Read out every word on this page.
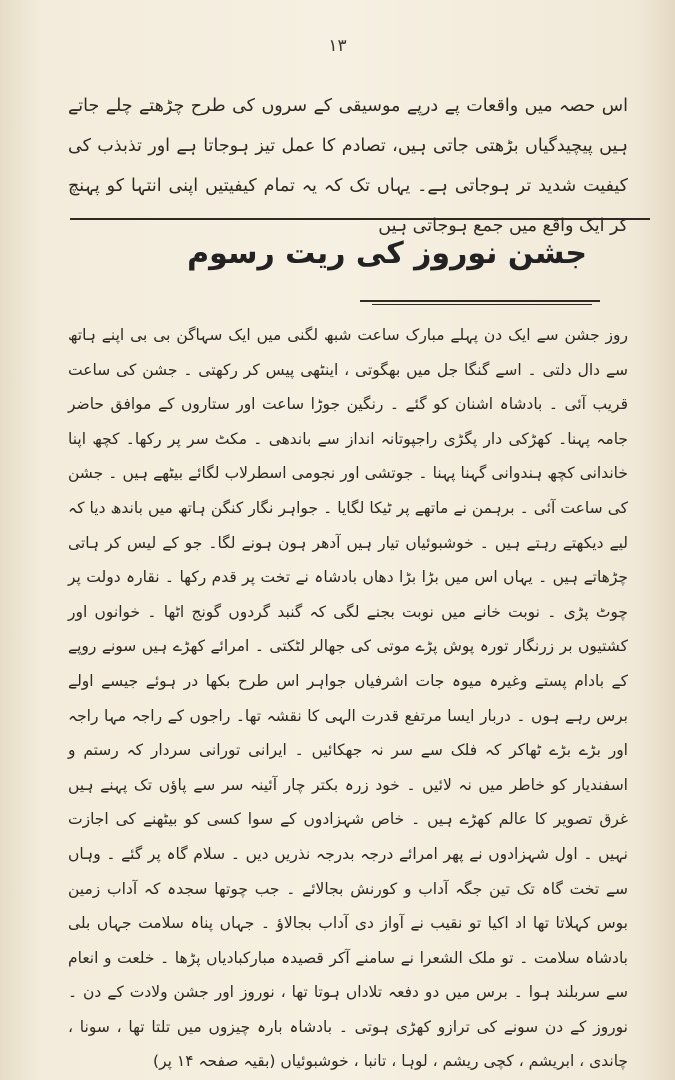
۱۳

اس حصہ میں واقعات پے درپے موسیقی کے سروں کی طرح چڑھتے چلے جاتے ہیں پیچیدگیاں بڑھتی جاتی ہیں، تصادم کا عمل تیز ہوجاتا ہے اور تذبذب کی کیفیت شدید تر ہوجاتی ہے۔ یہاں تک کہ یہ تمام کیفیتیں اپنی انتہا کو پہنچ کر ایک واقع میں جمع ہوجاتی ہیں

جشن نوروز کی ریت رسوم

روز جشن سے ایک دن پہلے مبارک ساعت شبھ لگنی میں ایک سہاگن بی بی اپنے ہاتھ سے دال دلتی ۔ اسے گنگا جل میں بھگوتی ، اینٹھی پیس کر رکھتی ۔ جشن کی ساعت قریب آئی ۔ بادشاہ اشنان کو گئے ۔ رنگین جوڑا ساعت اور ستاروں کے موافق حاضر جامہ پہنا۔ کھڑکی دار پگڑی راجپوتانہ انداز سے باندھی ۔ مکٹ سر پر رکھا۔ کچھ اپنا خاندانی کچھ ہندوانی گہنا پہنا ۔ جوتشی اور نجومی اسطرلاب لگائے بیٹھے ہیں ۔ جشن کی ساعت آئی ۔ برہمن نے ماتھے پر ٹیکا لگایا ۔ جواہر نگار کنگن ہاتھ میں باندھ دیا کہ لیے دیکھتے رہتے ہیں ۔ خوشبوئیاں تیار ہیں آدھر ہون ہونے لگا۔ جو کے لیس کر ہاتی چڑھاتے ہیں ۔ یہاں اس میں بڑا بڑا دھاں بادشاہ نے تخت پر قدم رکھا ۔ نقارہ دولت پر چوٹ پڑی ۔ نوبت خانے میں نوبت بجنے لگی کہ گنبد گردوں گونج اٹھا ۔ خوانوں اور کشتیوں بر زرنگار تورہ پوش پڑے موتی کی جھالر لٹکتی ۔ امرائے کھڑے ہیں سونے روپے کے بادام پستے وغیرہ میوہ جات اشرفیاں جواہر اس طرح بکھا در ہوئے جیسے اولے برس رہے ہوں ۔ دربار ایسا مرتفع قدرت الہی کا نقشہ تھا۔ راجوں کے راجہ مہا راجہ اور بڑے بڑے ٹھاکر کہ فلک سے سر نہ جھکائیں ۔ ایرانی تورانی سردار کہ رستم و اسفندیار کو خاطر میں نہ لائیں ۔ خود زرہ بکتر چار آئینہ سر سے پاؤں تک پہنے ہیں غرق تصویر کا عالم کھڑے ہیں ۔ خاص شہزادوں کے سوا کسی کو بیٹھنے کی اجازت نہیں ۔ اول شہزادوں نے پھر امرائے درجہ بدرجہ نذریں دیں ۔ سلام گاہ پر گئے ۔ وہاں سے تخت گاہ تک تین جگہ آداب و کورنش بجالائے ۔ جب چوتھا سجدہ کہ آداب زمین بوس کہلاتا تھا اد اکیا تو نقیب نے آواز دی آداب بجالاؤ ۔ جہاں پناہ سلامت جہاں بلی بادشاہ سلامت ۔ تو ملک الشعرا نے سامنے آکر قصیدہ مبارکبادیاں پڑھا ۔ خلعت و انعام سے سربلند ہوا ۔ برس میں دو دفعہ تلاداں ہوتا تھا ، نوروز اور جشن ولادت کے دن ۔ نوروز کے دن سونے کی ترازو کھڑی ہوتی ۔ بادشاہ بارہ چیزوں میں تلتا تھا ، سونا ، چاندی ، ابریشم ، کچی ریشم ، لوہا ، تانبا ، خوشبوئیاں (بقیہ صفحہ ۱۴ پر)
